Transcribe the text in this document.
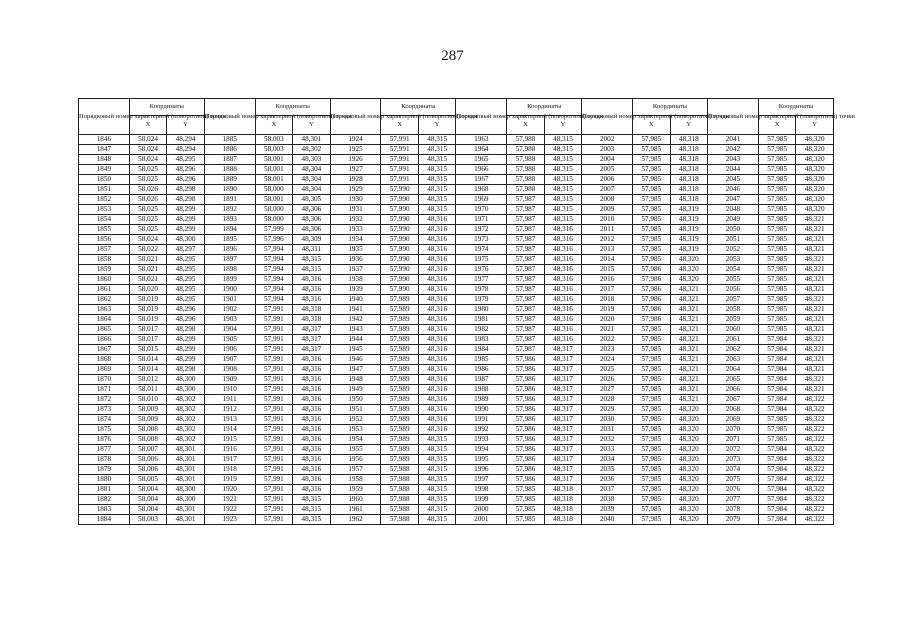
287
Порядковый номер характерной (поворотной) точки	Координаты		Порядковый номер характерной (поворотной) точки	Координаты		Порядковый номер характерной (поворотной) точки	Координаты		Порядковый номер характерной (поворотной) точки	Координаты		Порядковый номер характерной (поворотной) точки	Координаты		Порядковый номер характерной (поворотной) точки	Координаты	
	X	Y		X	Y		X	Y		X	Y		X	Y		X	Y
1846	58,024	48,294	1885	58,003	48,301	1924	57,991	48,315	1963	57,988	48,315	2002	57,985	48,318	2041	57,985	48,320
1847	58,024	48,294	1886	58,003	48,302	1925	57,991	48,315	1964	57,988	48,315	2003	57,985	48,318	2042	57,985	48,320
1848	58,024	48,295	1887	58,001	48,303	1926	57,991	48,315	1965	57,988	48,315	2004	57,985	48,318	2043	57,985	48,320
1849	58,025	48,296	1888	58,001	48,304	1927	57,991	48,315	1966	57,988	48,315	2005	57,985	48,318	2044	57,985	48,320
1850	58,025	48,296	1889	58,001	48,304	1928	57,991	48,315	1967	57,988	48,315	2006	57,985	48,318	2045	57,985	48,320
1851	58,026	48,298	1890	58,000	48,304	1929	57,990	48,315	1968	57,988	48,315	2007	57,985	48,318	2046	57,985	48,320
1852	58,026	48,298	1891	58,001	48,305	1930	57,990	48,315	1969	57,987	48,315	2008	57,985	48,318	2047	57,985	48,320
1853	58,025	48,299	1892	58,000	48,306	1931	57,990	48,315	1970	57,987	48,315	2009	57,985	48,319	2048	57,985	48,320
1854	58,025	48,299	1893	58,000	48,306	1932	57,990	48,316	1971	57,987	48,315	2010	57,985	48,319	2049	57,985	48,321
1855	58,025	48,299	1894	57,999	48,306	1933	57,990	48,316	1972	57,987	48,316	2011	57,985	48,319	2050	57,985	48,321
1856	58,024	48,300	1895	57,996	48,309	1934	57,990	48,316	1973	57,987	48,316	2012	57,985	48,319	2051	57,985	48,321
1857	58,022	48,297	1896	57,994	48,311	1935	57,990	48,316	1974	57,987	48,316	2013	57,985	48,319	2052	57,985	48,321
1858	58,021	48,295	1897	57,994	48,315	1936	57,990	48,316	1975	57,987	48,316	2014	57,985	48,320	2053	57,985	48,321
1859	58,021	48,295	1898	57,994	48,315	1937	57,990	48,316	1976	57,987	48,316	2015	57,986	48,320	2054	57,985	48,321
1860	58,021	48,295	1899	57,994	48,316	1938	57,990	48,316	1977	57,987	48,316	2016	57,986	48,320	2055	57,985	48,321
1861	58,020	48,295	1900	57,994	48,316	1939	57,990	48,316	1978	57,987	48,316	2017	57,986	48,321	2056	57,985	48,321
1862	58,019	48,295	1901	57,994	48,316	1940	57,989	48,316	1979	57,987	48,316	2018	57,986	48,321	2057	57,985	48,321
1863	58,019	48,296	1902	57,991	48,318	1941	57,989	48,316	1980	57,987	48,316	2019	57,986	48,321	2058	57,985	48,321
1864	58,019	48,296	1903	57,991	48,318	1942	57,989	48,316	1981	57,987	48,316	2020	57,986	48,321	2059	57,985	48,321
1865	58,017	48,298	1904	57,991	48,317	1943	57,989	48,316	1982	57,987	48,316	2021	57,985	48,321	2060	57,985	48,321
1866	58,017	48,299	1905	57,991	48,317	1944	57,989	48,316	1983	57,987	48,316	2022	57,985	48,321	2061	57,984	48,321
1867	58,015	48,299	1906	57,991	48,317	1945	57,989	48,316	1984	57,987	48,317	2023	57,985	48,321	2062	57,984	48,321
1868	58,014	48,299	1907	57,991	48,316	1946	57,989	48,316	1985	57,986	48,317	2024	57,985	48,321	2063	57,984	48,321
1869	58,014	48,298	1908	57,991	48,316	1947	57,989	48,316	1986	57,986	48,317	2025	57,985	48,321	2064	57,984	48,321
1870	58,012	48,300	1909	57,991	48,316	1948	57,989	48,316	1987	57,986	48,317	2026	57,985	48,321	2065	57,984	48,321
1871	58,011	48,300	1910	57,991	48,316	1949	57,989	48,316	1988	57,986	48,317	2027	57,985	48,321	2066	57,984	48,321
1872	58,010	48,302	1911	57,991	48,316	1950	57,989	48,316	1989	57,986	48,317	2028	57,985	48,321	2067	57,984	48,322
1873	58,009	48,302	1912	57,991	48,316	1951	57,989	48,316	1990	57,986	48,317	2029	57,985	48,320	2068	57,984	48,322
1874	58,009	48,302	1913	57,991	48,316	1952	57,989	48,316	1991	57,986	48,317	2030	57,985	48,320	2069	57,985	48,322
1875	58,008	48,302	1914	57,991	48,316	1953	57,989	48,316	1992	57,986	48,317	2031	57,985	48,320	2070	57,985	48,322
1876	58,008	48,302	1915	57,991	48,316	1954	57,989	48,315	1993	57,986	48,317	2032	57,985	48,320	2071	57,985	48,322
1877	58,007	48,301	1916	57,991	48,316	1955	57,989	48,315	1994	57,986	48,317	2033	57,985	48,320	2072	57,984	48,322
1878	58,006	48,301	1917	57,991	48,316	1956	57,989	48,315	1995	57,986	48,317	2034	57,985	48,320	2073	57,984	48,322
1879	58,006	48,301	1918	57,991	48,316	1957	57,988	48,315	1996	57,986	48,317	2035	57,985	48,320	2074	57,984	48,322
1880	58,005	48,301	1919	57,991	48,316	1958	57,988	48,315	1997	57,986	48,317	2036	57,985	48,320	2075	57,984	48,322
1881	58,004	48,300	1920	57,991	48,316	1959	57,988	48,315	1998	57,985	48,318	2037	57,985	48,320	2076	57,984	48,322
1882	58,004	48,300	1921	57,991	48,315	1960	57,988	48,315	1999	57,985	48,318	2038	57,985	48,320	2077	57,984	48,322
1883	58,004	48,301	1922	57,991	48,315	1961	57,988	48,315	2000	57,985	48,318	2039	57,985	48,320	2078	57,984	48,322
1884	58,003	48,301	1923	57,991	48,315	1962	57,988	48,315	2001	57,985	48,318	2040	57,985	48,320	2079	57,984	48,322
